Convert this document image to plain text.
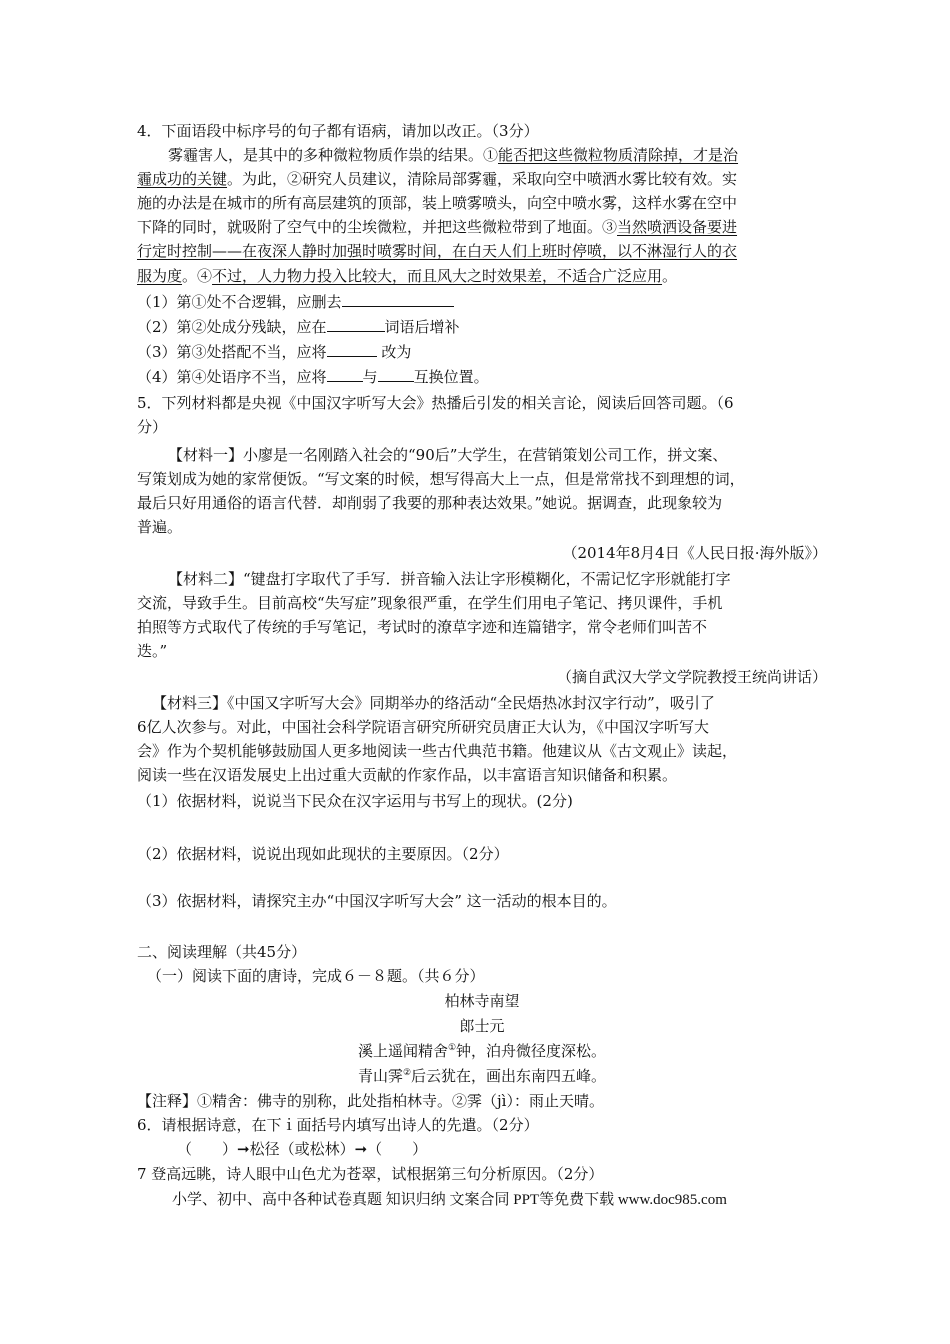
4．下面语段中标序号的句子都有语病，请加以改正。（3分）
雾霾害人，是其中的多种微粒物质作祟的结果。①能否把这些微粒物质清除掉，才是治
霾成功的关键。为此，②研究人员建议，清除局部雾霾，采取向空中喷洒水雾比较有效。实
施的办法是在城市的所有高层建筑的顶部，装上喷雾喷头，向空中喷水雾，这样水雾在空中
下降的同时，就吸附了空气中的尘埃微粒，并把这些微粒带到了地面。③当然喷洒设备要进
行定时控制——在夜深人静时加强时喷雾时间，在白天人们上班时停喷，以不淋湿行人的衣
服为度。④不过，人力物力投入比较大，而且风大之时效果差，不适合广泛应用。
（1）第①处不合逻辑，应删去
（2）第②处成分残缺，应在	词语后增补
（3）第③处搭配不当，应将	改为
（4）第④处语序不当，应将 与 互换位置。
5．下列材料都是央视《中国汉字听写大会》热播后引发的相关言论，阅读后回答司题。（6
分）
【材料一】小廖是一名刚踏入社会的“90后”大学生，在营销策划公司工作，拼文案、
写策划成为她的家常便饭。“写文案的时候，想写得高大上一点，但是常常找不到理想的词，
最后只好用通俗的语言代替．却削弱了我要的那种表达效果。”她说。据调查，此现象较为
普遍。
（2014年8月4日《人民日报·海外版》）
【材料二】“键盘打字取代了手写．拼音输入法让字形模糊化，不需记忆字形就能打字
交流，导致手生。目前高校“失写症”现象很严重，在学生们用电子笔记、拷贝课件，手机
拍照等方式取代了传统的手写笔记，考试时的潦草字迹和连篇错字，常令老师们叫苦不
迭。”
（摘自武汉大学文学院教授王统尚讲话）
【材料三】《中国又字听写大会》同期举办的络活动“全民焐热冰封汉字行动”，吸引了
6亿人次参与。对此，中国社会科学院语言研究所研究员唐正大认为，《中国汉字听写大
会》作为个契机能够鼓励国人更多地阅读一些古代典范书籍。他建议从《古文观止》读起，
阅读一些在汉语发展史上出过重大贡献的作家作品，以丰富语言知识储备和积累。
（1）依据材料，说说当下民众在汉字运用与书写上的现状。(2分)
（2）依据材料，说说出现如此现状的主要原因。（2分）
（3）依据材料，请探究主办“中国汉字听写大会” 这一活动的根本目的。
二、阅读理解（共45分）
（一）阅读下面的唐诗，完成６－８题。（共６分）
柏林寺南望
郎士元
溪上遥闻精舍①钟，泊舟微径度深松。
青山霁②后云犹在，画出东南四五峰。
【注释】①精舍：佛寺的别称，此处指柏林寺。②霁（jì）：雨止天晴。
6．请根据诗意，在下ｉ面括号内填写出诗人的先遣。（2分）
（　　）➞松径（或松林）➞（　　）
7 登高远眺，诗人眼中山色尤为苍翠，试根据第三句分析原因。（2分）
小学、初中、高中各种试卷真题 知识归纳 文案合同 PPT等免费下载 www.doc985.com
